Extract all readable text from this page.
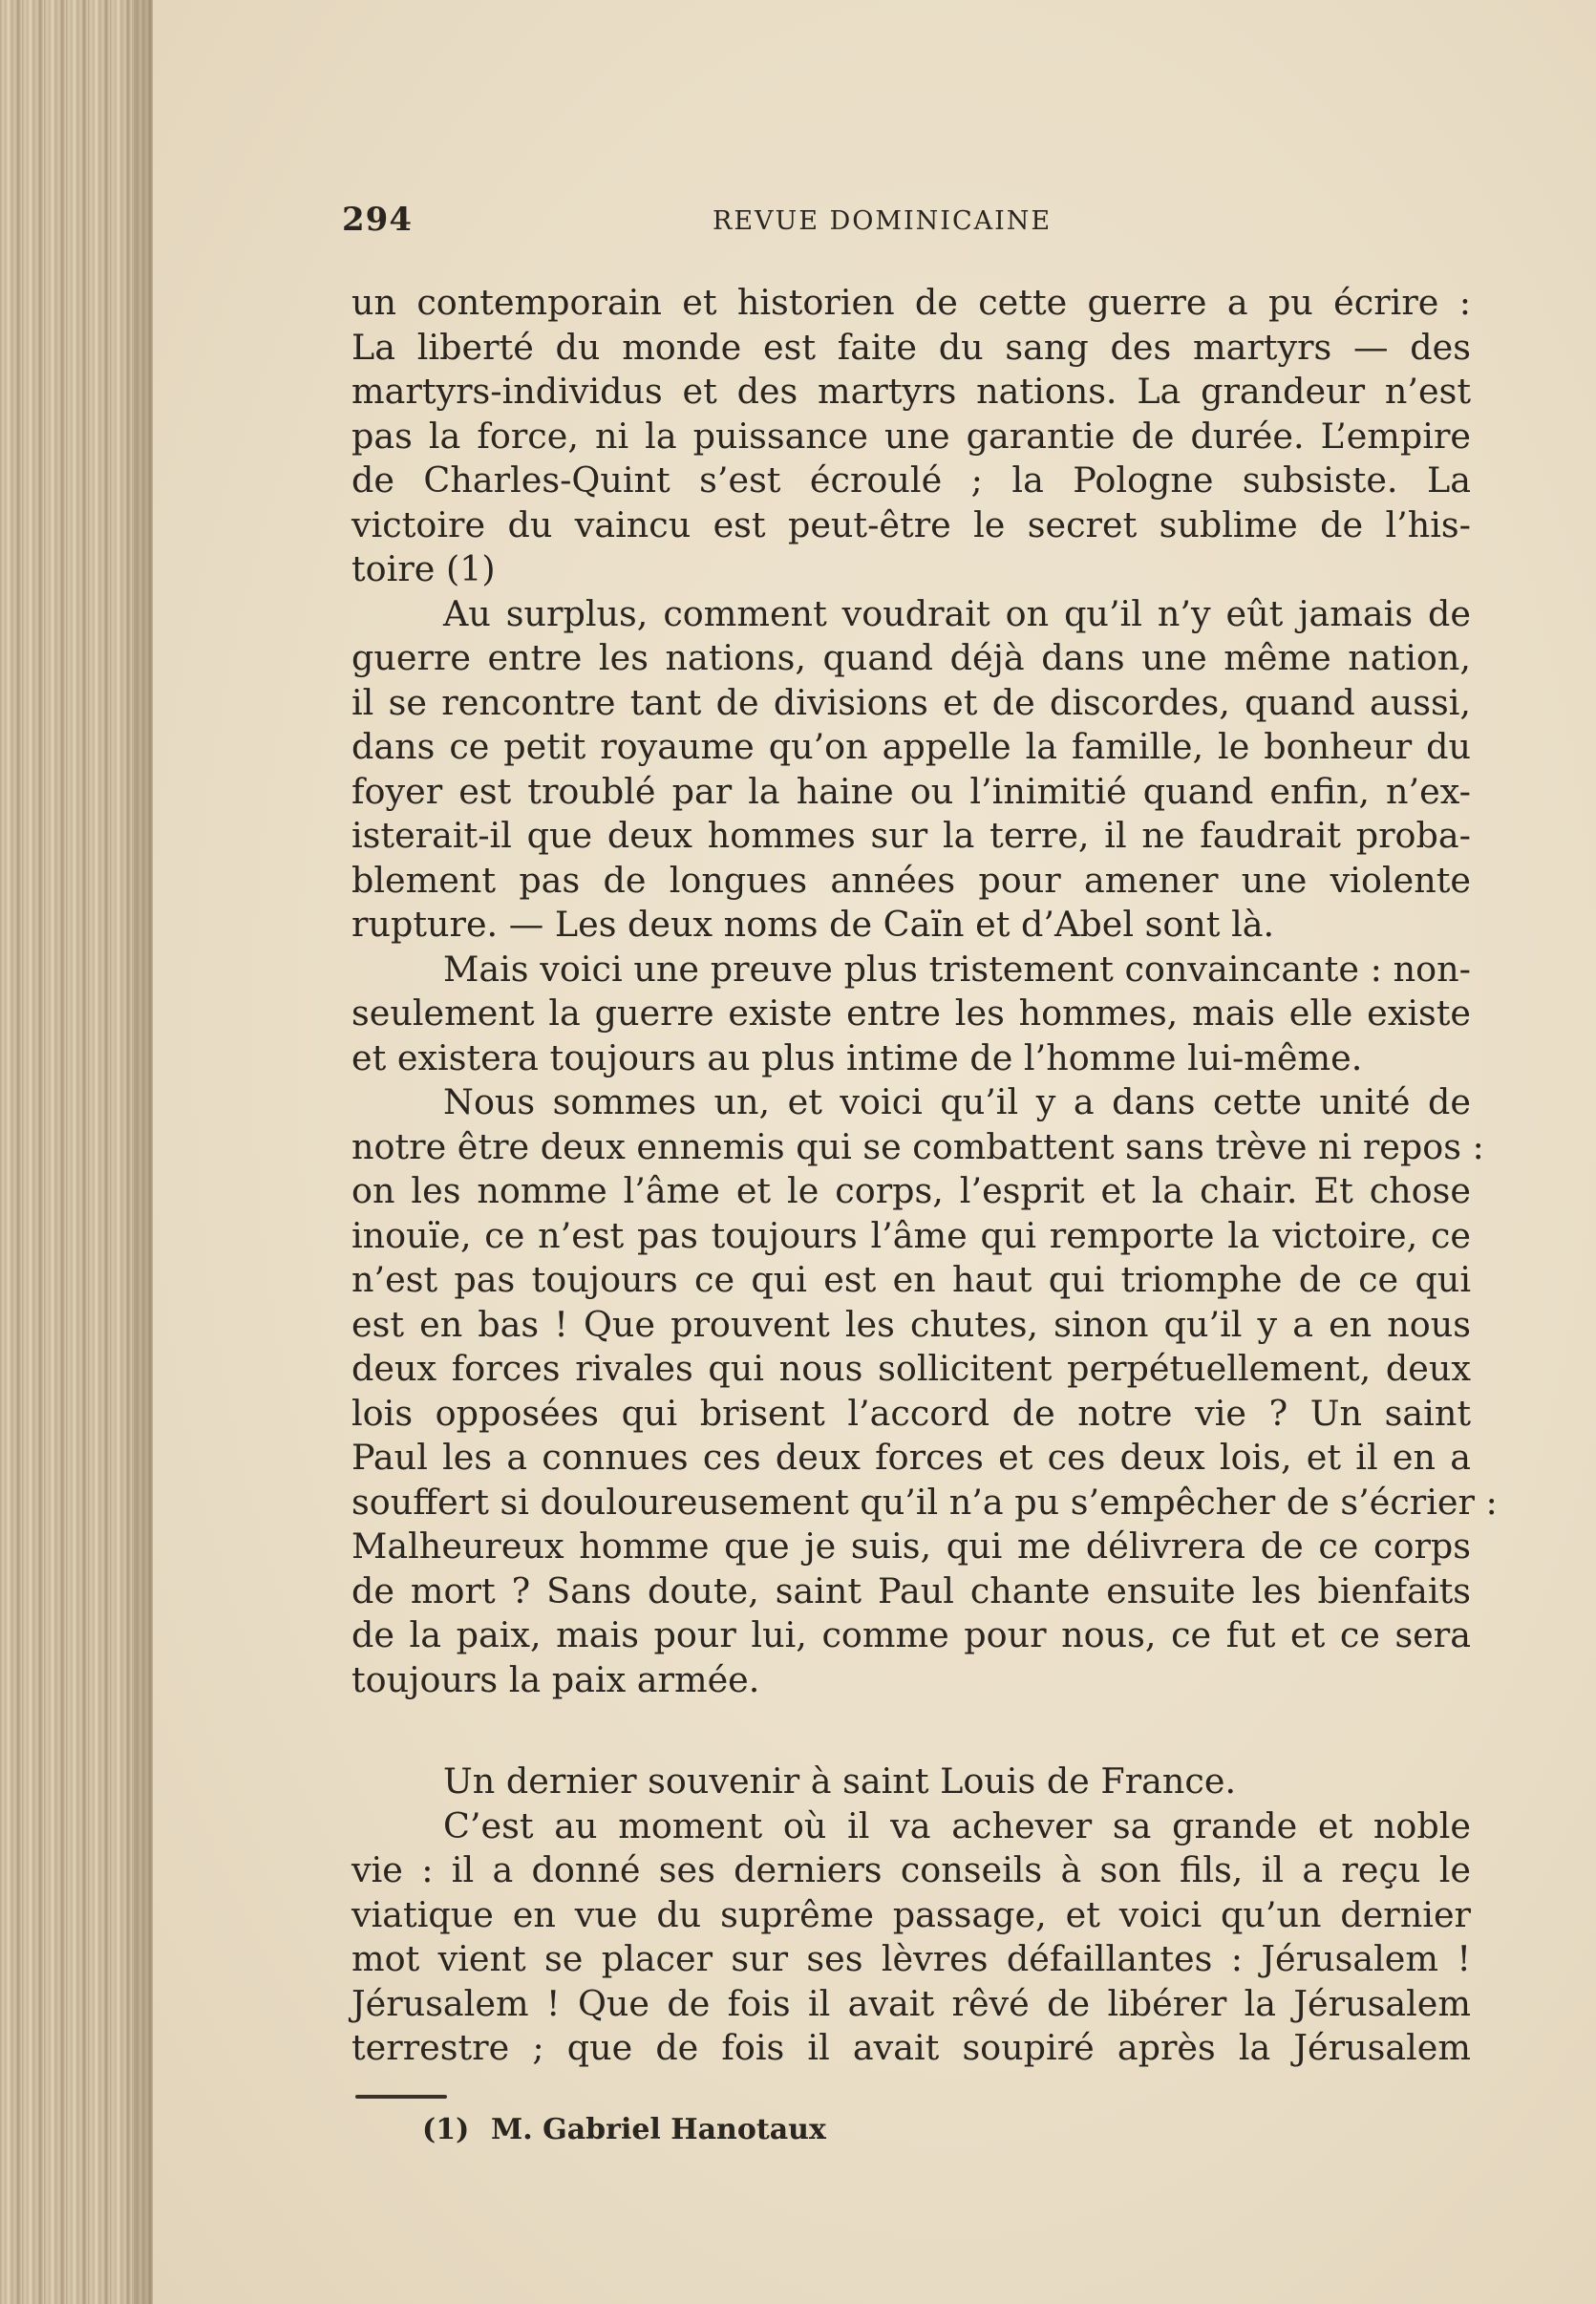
294	REVUE DOMINICAINE
un contemporain et historien de cette guerre a pu écrire :
La liberté du monde est faite du sang des martyrs — des
martyrs-individus et des martyrs nations. La grandeur n’est
pas la force, ni la puissance une garantie de durée. L’empire
de Charles-Quint s’est écroulé ; la Pologne subsiste. La
victoire du vaincu est peut-être le secret sublime de l’his-
toire (1)
Au surplus, comment voudrait on qu’il n’y eût jamais de
guerre entre les nations, quand déjà dans une même nation,
il se rencontre tant de divisions et de discordes, quand aussi,
dans ce petit royaume qu’on appelle la famille, le bonheur du
foyer est troublé par la haine ou l’inimitié quand enfin, n’ex-
isterait-il que deux hommes sur la terre, il ne faudrait proba-
blement pas de longues années pour amener une violente
rupture. — Les deux noms de Caïn et d’Abel sont là.
Mais voici une preuve plus tristement convaincante : non-
seulement la guerre existe entre les hommes, mais elle existe
et existera toujours au plus intime de l’homme lui-même.
Nous sommes un, et voici qu’il y a dans cette unité de
notre être deux ennemis qui se combattent sans trève ni repos :
on les nomme l’âme et le corps, l’esprit et la chair. Et chose
inouïe, ce n’est pas toujours l’âme qui remporte la victoire, ce
n’est pas toujours ce qui est en haut qui triomphe de ce qui
est en bas ! Que prouvent les chutes, sinon qu’il y a en nous
deux forces rivales qui nous sollicitent perpétuellement, deux
lois opposées qui brisent l’accord de notre vie ? Un saint
Paul les a connues ces deux forces et ces deux lois, et il en a
souffert si douloureusement qu’il n’a pu s’empêcher de s’écrier :
Malheureux homme que je suis, qui me délivrera de ce corps
de mort ? Sans doute, saint Paul chante ensuite les bienfaits
de la paix, mais pour lui, comme pour nous, ce fut et ce sera
toujours la paix armée.
Un dernier souvenir à saint Louis de France.
C’est au moment où il va achever sa grande et noble
vie : il a donné ses derniers conseils à son fils, il a reçu le
viatique en vue du suprême passage, et voici qu’un dernier
mot vient se placer sur ses lèvres défaillantes : Jérusalem !
Jérusalem ! Que de fois il avait rêvé de libérer la Jérusalem
terrestre ; que de fois il avait soupiré après la Jérusalem
(1) M. Gabriel Hanotaux
